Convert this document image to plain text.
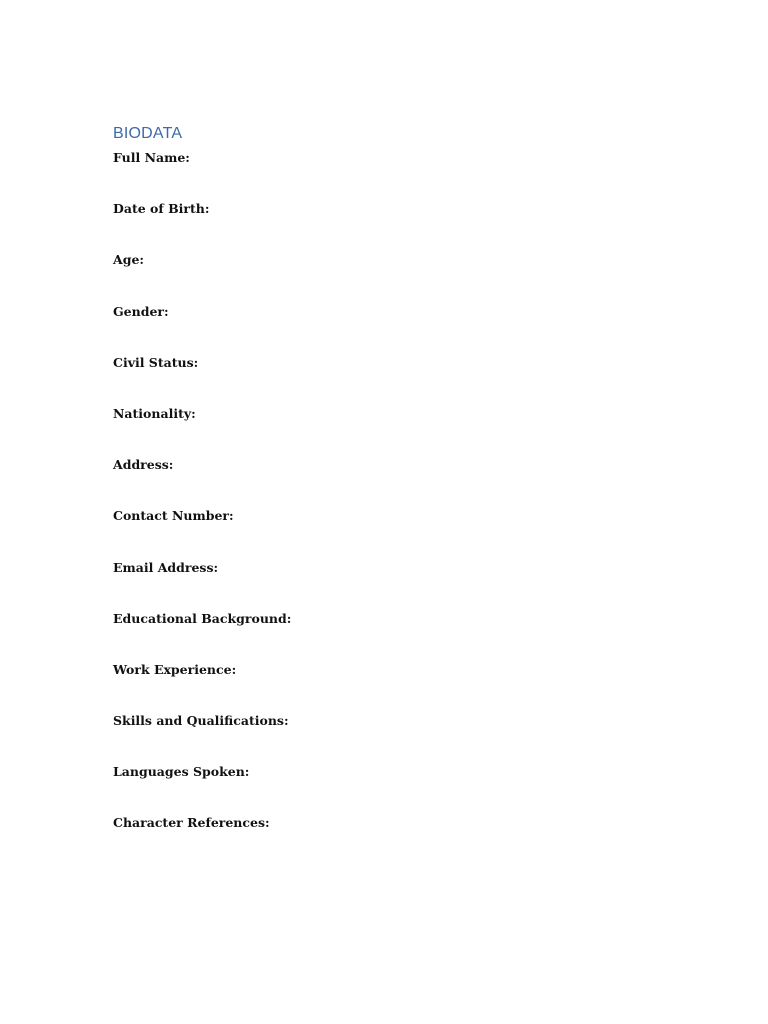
BIODATA
Full Name:
Date of Birth:
Age:
Gender:
Civil Status:
Nationality:
Address:
Contact Number:
Email Address:
Educational Background:
Work Experience:
Skills and Qualifications:
Languages Spoken:
Character References:
